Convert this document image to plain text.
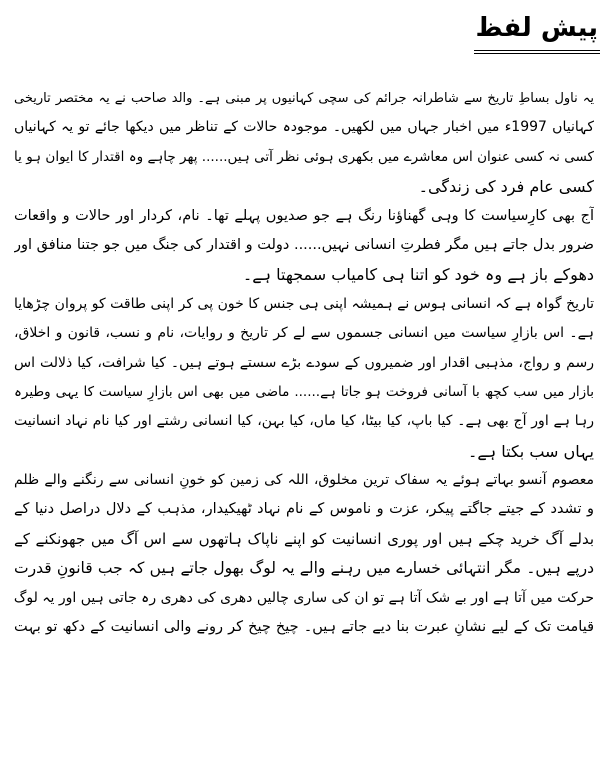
پیش لفظ
یہ ناول بساطِ تاریخ سے شاطرانہ جرائم کی سچی کہانیوں پر مبنی ہے۔ والد صاحب نے یہ مختصر تاریخی
کہانیاں 1997ء میں اخبار جہاں میں لکھیں۔ موجودہ حالات کے تناظر میں دیکھا جائے تو یہ کہانیاں
کسی نہ کسی عنوان اس معاشرے میں بکھری ہوئی نظر آتی ہیں...... پھر چاہے وہ اقتدار کا ایوان ہو یا
کسی عام فرد کی زندگی۔
آج بھی کارِسیاست کا وہی گھناؤنا رنگ ہے جو صدیوں پہلے تھا۔ نام، کردار اور حالات و واقعات
ضرور بدل جاتے ہیں مگر فطرتِ انسانی نہیں...... دولت و اقتدار کی جنگ میں جو جتنا منافق اور
دھوکے باز ہے وہ خود کو اتنا ہی کامیاب سمجھتا ہے۔
تاریخ گواہ ہے کہ انسانی ہوس نے ہمیشہ اپنی ہی جنس کا خون پی کر اپنی طاقت کو پروان چڑھایا
ہے۔ اس بازارِ سیاست میں انسانی جسموں سے لے کر تاریخ و روایات، نام و نسب، قانون و اخلاق،
رسم و رواج، مذہبی اقدار اور ضمیروں کے سودے بڑے سستے ہوتے ہیں۔ کیا شرافت، کیا ذلالت اس
بازار میں سب کچھ با آسانی فروخت ہو جاتا ہے...... ماضی میں بھی اس بازارِ سیاست کا یہی وطیرہ
رہا ہے اور آج بھی ہے۔ کیا باپ، کیا بیٹا، کیا ماں، کیا بہن، کیا انسانی رشتے اور کیا نام نہاد انسانیت
یہاں سب بکتا ہے۔
معصوم آنسو بہاتے ہوئے یہ سفاک ترین مخلوق، اللہ کی زمین کو خونِ انسانی سے رنگنے والے ظلم
و تشدد کے جیتے جاگتے پیکر، عزت و ناموس کے نام نہاد ٹھیکیدار، مذہب کے دلال دراصل دنیا کے
بدلے آگ خرید چکے ہیں اور پوری انسانیت کو اپنے ناپاک ہاتھوں سے اس آگ میں جھونکنے کے
درپے ہیں۔ مگر انتہائی خسارے میں رہنے والے یہ لوگ بھول جاتے ہیں کہ جب قانونِ قدرت
حرکت میں آتا ہے اور بے شک آتا ہے تو ان کی ساری چالیں دھری کی دھری رہ جاتی ہیں اور یہ لوگ
قیامت تک کے لیے نشانِ عبرت بنا دیے جاتے ہیں۔ چیخ چیخ کر رونے والی انسانیت کے دکھ تو بہت
